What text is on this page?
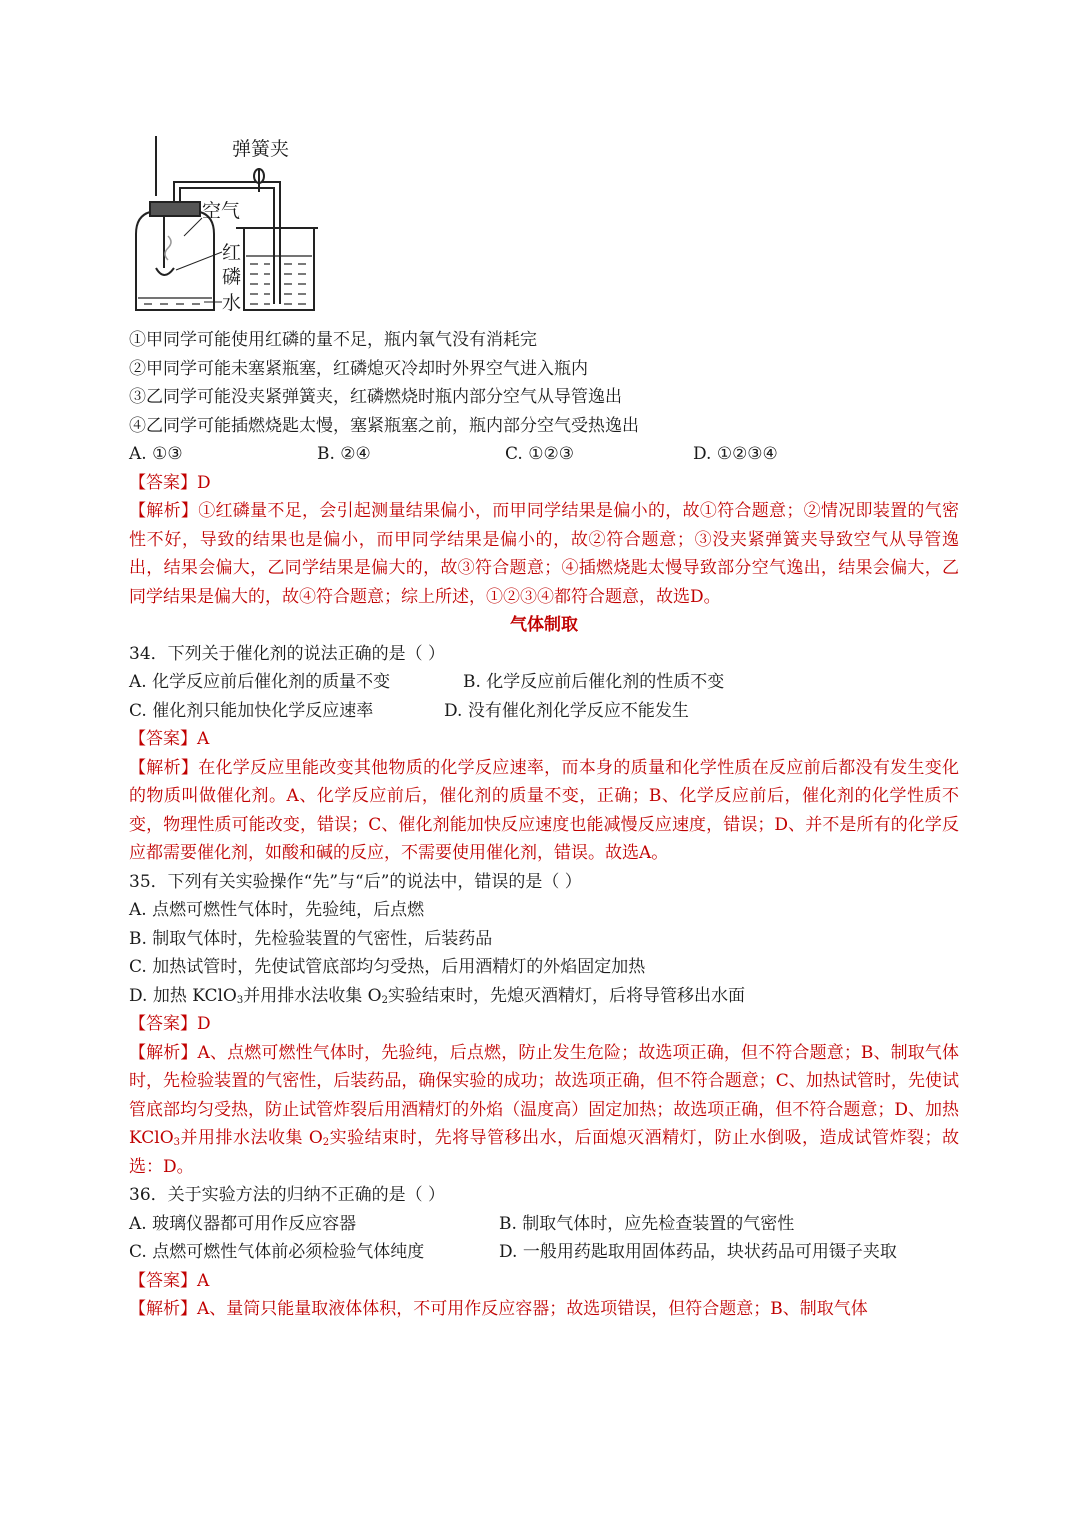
弹簧夹
空气
红
磷
水
①甲同学可能使用红磷的量不足，瓶内氧气没有消耗完
②甲同学可能未塞紧瓶塞，红磷熄灭冷却时外界空气进入瓶内
③乙同学可能没夹紧弹簧夹，红磷燃烧时瓶内部分空气从导管逸出
④乙同学可能插燃烧匙太慢，塞紧瓶塞之前，瓶内部分空气受热逸出
A. ①③	B. ②④	C. ①②③	D. ①②③④
【答案】D
【解析】①红磷量不足，会引起测量结果偏小，而甲同学结果是偏小的，故①符合题意；②情况即装置的气密性不好，导致的结果也是偏小，而甲同学结果是偏小的，故②符合题意；③没夹紧弹簧夹导致空气从导管逸出，结果会偏大，乙同学结果是偏大的，故③符合题意；④插燃烧匙太慢导致部分空气逸出，结果会偏大，乙同学结果是偏大的，故④符合题意；综上所述，①②③④都符合题意，故选D。
气体制取
34．下列关于催化剂的说法正确的是（ ）
A. 化学反应前后催化剂的质量不变	B. 化学反应前后催化剂的性质不变
C. 催化剂只能加快化学反应速率	D. 没有催化剂化学反应不能发生
【答案】A
【解析】在化学反应里能改变其他物质的化学反应速率，而本身的质量和化学性质在反应前后都没有发生变化的物质叫做催化剂。A、化学反应前后，催化剂的质量不变，正确；B、化学反应前后，催化剂的化学性质不变，物理性质可能改变，错误；C、催化剂能加快反应速度也能减慢反应速度，错误；D、并不是所有的化学反应都需要催化剂，如酸和碱的反应，不需要使用催化剂，错误。故选A。
35．下列有关实验操作“先”与“后”的说法中，错误的是（ ）
A. 点燃可燃性气体时，先验纯，后点燃
B. 制取气体时，先检验装置的气密性，后装药品
C. 加热试管时，先使试管底部均匀受热，后用酒精灯的外焰固定加热
D. 加热 KClO$_3$并用排水法收集 $O_2$实验结束时，先熄灭酒精灯，后将导管移出水面
【答案】D
【解析】A、点燃可燃性气体时，先验纯，后点燃，防止发生危险；故选项正确，但不符合题意；B、制取气体时，先检验装置的气密性，后装药品，确保实验的成功；故选项正确，但不符合题意；C、加热试管时，先使试管底部均匀受热，防止试管炸裂后用酒精灯的外焰（温度高）固定加热；故选项正确，但不符合题意；D、加热 KClO$_3$并用排水法收集 $O_2$实验结束时，先将导管移出水，后面熄灭酒精灯，防止水倒吸，造成试管炸裂；故选：D。
36．关于实验方法的归纳不正确的是（ ）
A. 玻璃仪器都可用作反应容器	B. 制取气体时，应先检查装置的气密性
C. 点燃可燃性气体前必须检验气体纯度	D. 一般用药匙取用固体药品，块状药品可用镊子夹取
【答案】A
【解析】A、量筒只能量取液体体积，不可用作反应容器；故选项错误，但符合题意；B、制取气体
